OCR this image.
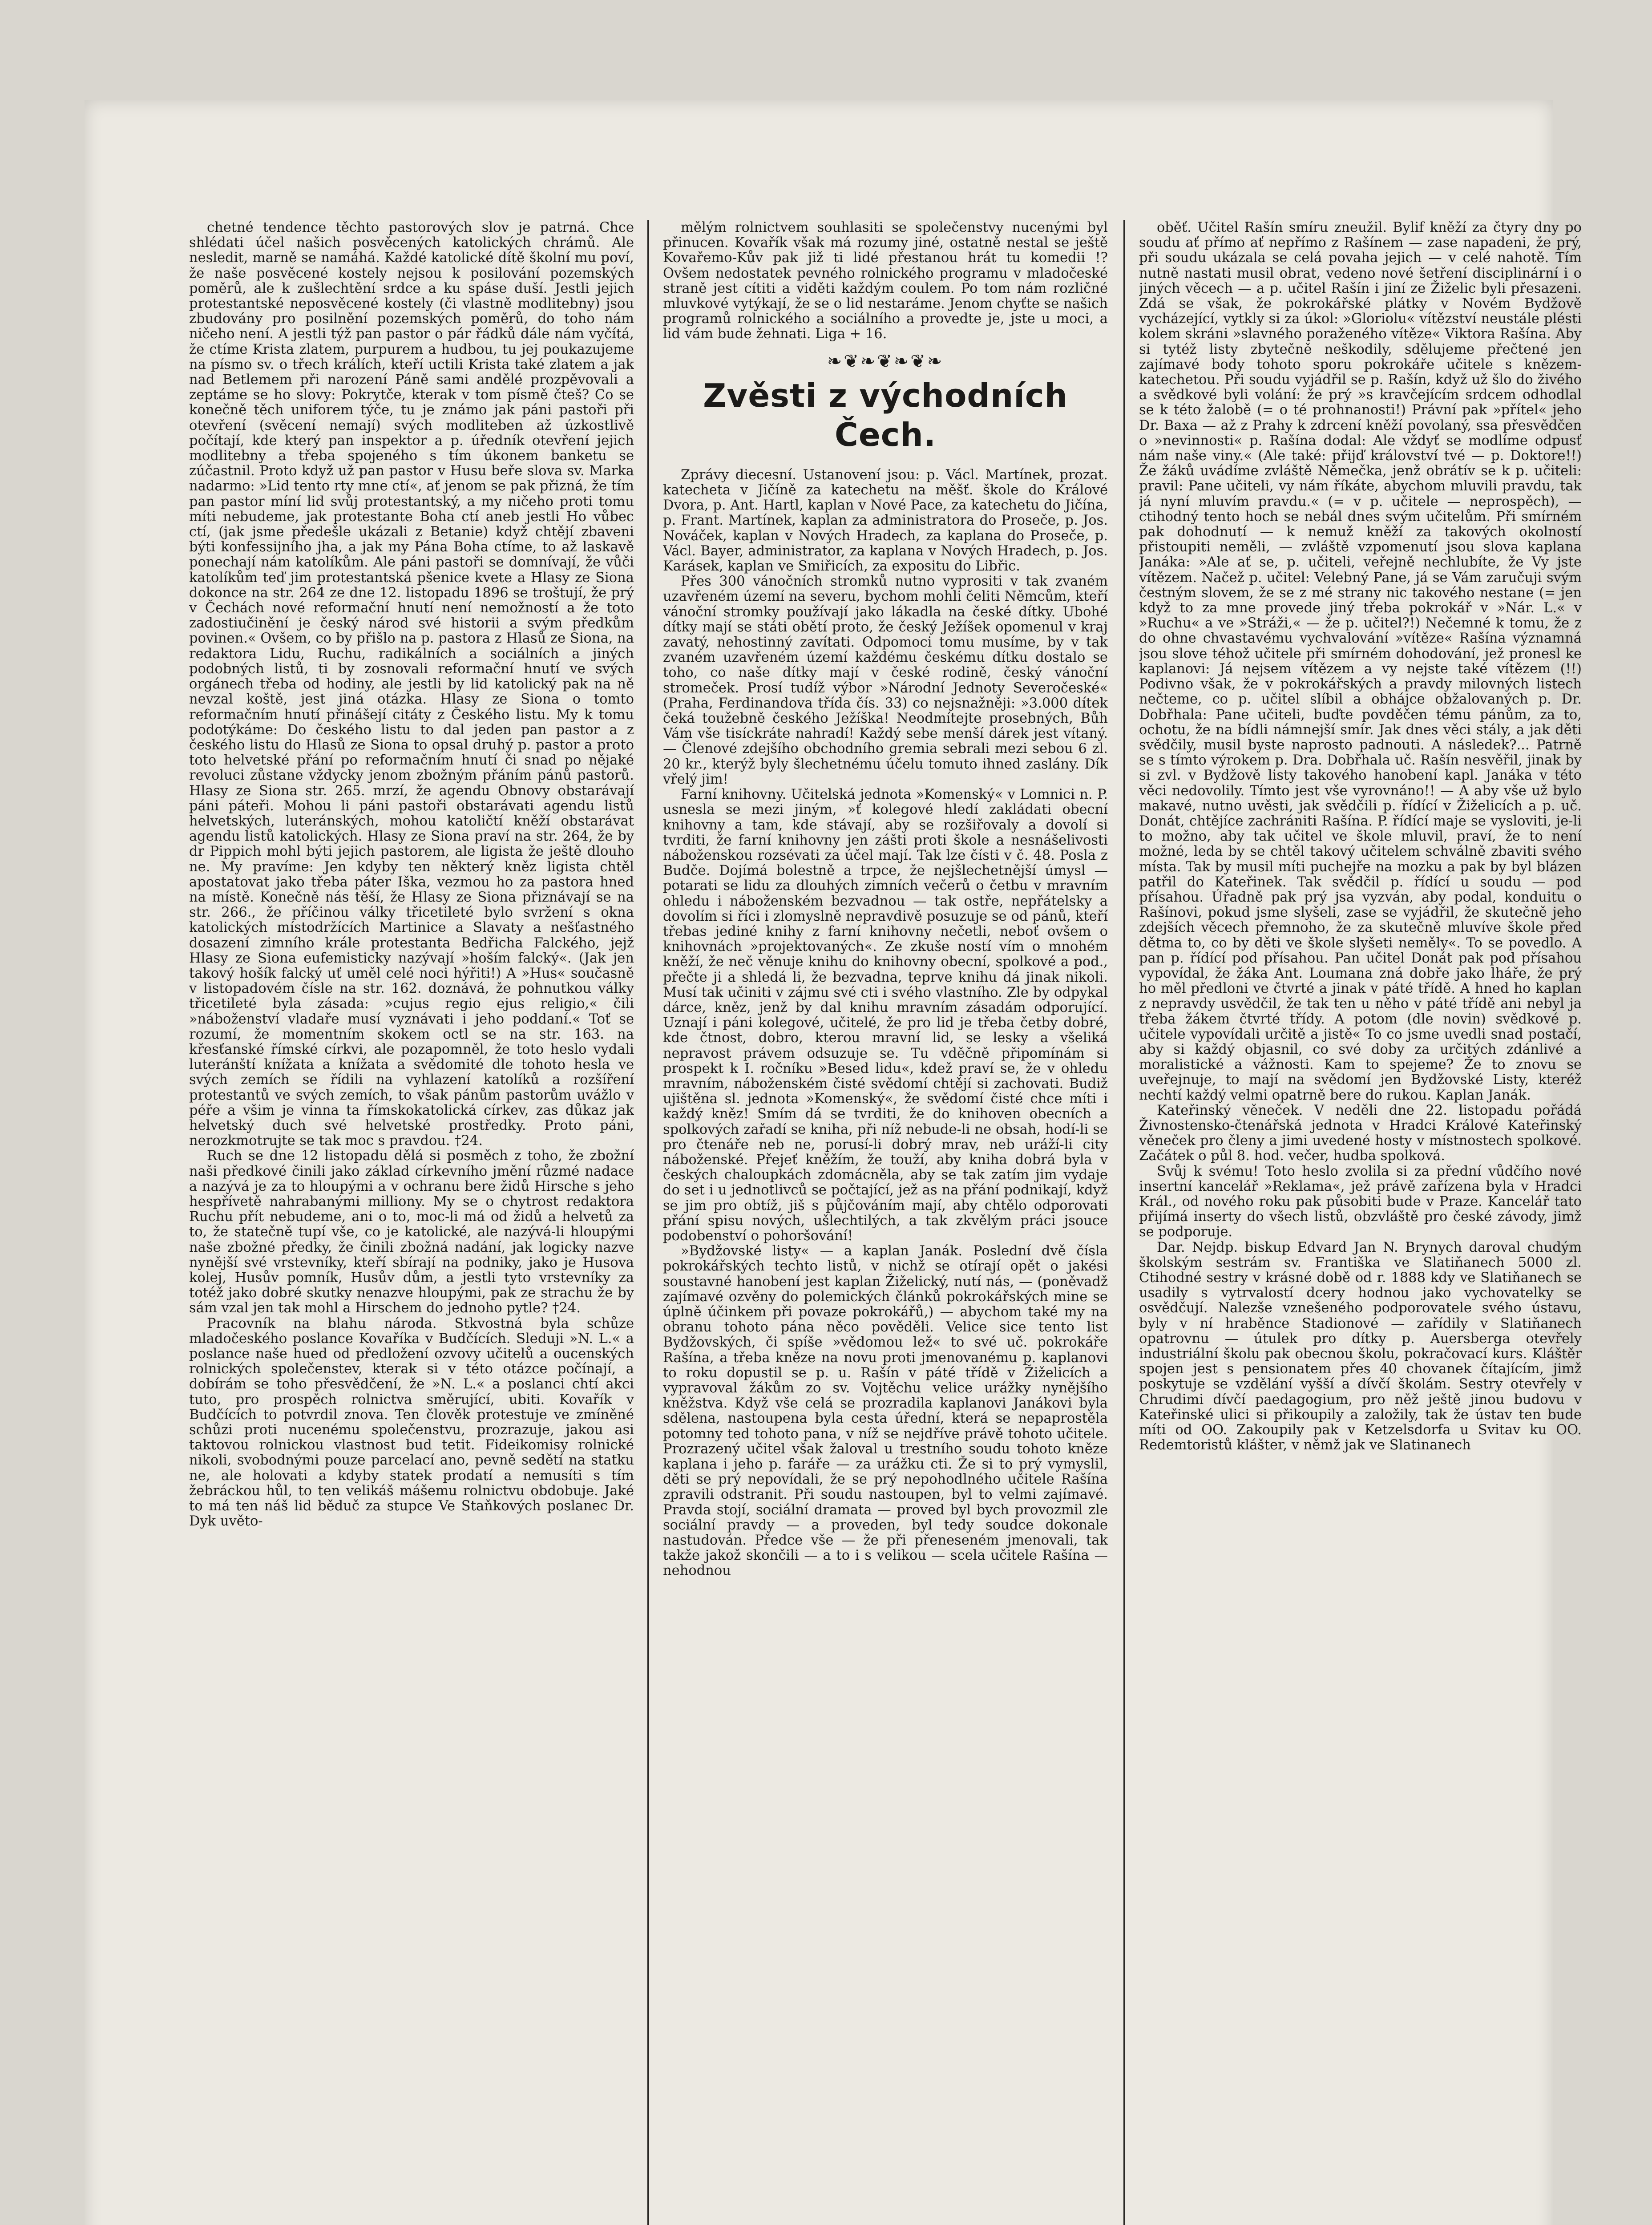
chetné tendence těchto pastorových slov je patrná. Chce shlédati účel našich posvěcených katolických chrámů. Ale nesledit, marně se namáhá. Každé katolické dítě školní mu poví, že naše posvěcené kostely nejsou k posilování pozemských poměrů, ale k zušlechtění srdce a ku spáse duší. Jestli jejich protestantské neposvěcené kostely (či vlastně modlitebny) jsou zbudovány pro posilnění pozemských poměrů, do toho nám ničeho není. A jestli týž pan pastor o pár řádků dále nám vyčítá, že ctíme Krista zlatem, purpurem a hudbou, tu jej poukazujeme na písmo sv. o třech králích, kteří uctili Krista také zlatem a jak nad Betlemem při narození Páně sami andělé prozpěvovali a zeptáme se ho slovy: Pokrytče, kterak v tom písmě čteš? Co se konečně těch uniforem týče, tu je známo jak páni pastoři při otevření (svěcení nemají) svých modliteben až úzkostlivě počítají, kde který pan inspektor a p. úředník otevření jejich modlitebny a třeba spojeného s tím úkonem banketu se zúčastnil. Proto když už pan pastor v Husu beře slova sv. Marka nadarmo: »Lid tento rty mne ctí«, ať jenom se pak přizná, že tím pan pastor míní lid svůj protestantský, a my ničeho proti tomu míti nebudeme, jak protestante Boha ctí aneb jestli Ho vůbec ctí, (jak jsme předešle ukázali z Betanie) když chtějí zbaveni býti konfessijního jha, a jak my Pána Boha ctíme, to až laskavě ponechají nám katolíkům. Ale páni pastoři se domnívají, že vůči katolíkům teď jim protestantská pšenice kvete a Hlasy ze Siona dokonce na str. 264 ze dne 12. listopadu 1896 se troštují, že prý v Čechách nové reformační hnutí není nemožností a že toto zadostiučinění je český národ své historii a svým předkům povinen.« Ovšem, co by přišlo na p. pastora z Hlasů ze Siona, na redaktora Lidu, Ruchu, radikálních a sociálních a jiných podobných listů, ti by zosnovali reformační hnutí ve svých orgánech třeba od hodiny, ale jestli by lid katolický pak na ně nevzal koště, jest jiná otázka. Hlasy ze Siona o tomto reformačním hnutí přinášejí citáty z Českého listu. My k tomu podotýkáme: Do českého listu to dal jeden pan pastor a z českého listu do Hlasů ze Siona to opsal druhý p. pastor a proto toto helvetské přání po reformačním hnutí či snad po nějaké revoluci zůstane vždycky jenom zbožným přáním pánů pastorů. Hlasy ze Siona str. 265. mrzí, že agendu Obnovy obstarávají páni páteři. Mohou li páni pastoři obstarávati agendu listů helvetských, luteránských, mohou katoličtí kněží obstarávat agendu listů katolických. Hlasy ze Siona praví na str. 264, že by dr Pippich mohl býti jejich pastorem, ale ligista že ještě dlouho ne. My pravíme: Jen kdyby ten některý kněz ligista chtěl apostatovat jako třeba páter Iška, vezmou ho za pastora hned na místě. Konečně nás těší, že Hlasy ze Siona přiznávají se na str. 266., že příčinou války třicetileté bylo svržení s okna katolických místodržících Martinice a Slavaty a nešťastného dosazení zimního krále protestanta Bedřicha Falckého, jejž Hlasy ze Siona eufemisticky nazývají »hoším falcký«. (Jak jen takový hošík falcký uť uměl celé noci hýřiti!) A »Hus« současně v listopadovém čísle na str. 162. doznává, že pohnutkou války třicetileté byla zásada: »cujus regio ejus religio,« čili »náboženství vladaře musí vyznávati i jeho poddaní.« Toť se rozumí, že momentním skokem octl se na str. 163. na křesťanské římské církvi, ale pozapomněl, že toto heslo vydali luteránští knížata a knížata a svědomité dle tohoto hesla ve svých zemích se řídili na vyhlazení katolíků a rozšíření protestantů ve svých zemích, to však pánům pastorům uvážlo v péře a všim je vinna ta římskokatolická církev, zas důkaz jak helvetský duch své helvetské prostředky. Proto páni, nerozkmotrujte se tak moc s pravdou. †24.

Ruch se dne 12 listopadu dělá si posměch z toho, že zbožní naši předkové činili jako základ církevního jmění růzmé nadace a nazývá je za to hloupými a v ochranu bere židů Hirsche s jeho hespřívetě nahrabanými milliony. My se o chytrost redaktora Ruchu přít nebudeme, ani o to, moc-li má od židů a helvetů za to, že statečně tupí vše, co je katolické, ale nazývá-li hloupými naše zbožné předky, že činili zbožná nadání, jak logicky nazve nynější své vrstevníky, kteří sbírají na podniky, jako je Husova kolej, Husův pomník, Husův dům, a jestli tyto vrstevníky za totéž jako dobré skutky nenazve hloupými, pak ze strachu že by sám vzal jen tak mohl a Hirschem do jednoho pytle? †24.

Pracovník na blahu národa. Stkvostná byla schůze mladočeského poslance Kovaříka v Budčících. Sleduji »N. L.« a poslance naše hued od předložení ozvovy učitelů a oucenských rolnických společenstev, kterak si v této otázce počínají, a dobírám se toho přesvědčení, že »N. L.« a poslanci chtí akci tuto, pro prospěch rolnictva směrující, ubiti. Kovařík v Budčících to potvrdil znova. Ten člověk protestuje ve zmíněné schůzi proti nucenému společenstvu, prozrazuje, jakou asi taktovou rolnickou vlastnost bud tetit. Fideikomisy rolnické nikoli, svobodnými pouze parcelací ano, pevně sedětí na statku ne, ale holovati a kdyby statek prodatí a nemusíti s tím žebráckou hůl, to ten velikáš mášemu rolnictvu obdobuje. Jaké to má ten náš lid běduč za stupce Ve Staňkových poslanec Dr. Dyk uvěto-

mělým rolnictvem souhlasiti se společenstvy nucenými byl přinucen. Kovařík však má rozumy jiné, ostatně nestal se ještě Kovařemo-Kův pak již ti lidé přestanou hrát tu komedii !? Ovšem nedostatek pevného rolnického programu v mladočeské straně jest cítiti a viděti každým coulem. Po tom nám rozličné mluvkové vytýkají, že se o lid nestaráme. Jenom chyťte se našich programů rolnického a sociálního a provedte je, jste u moci, a lid vám bude žehnati. Liga + 16.

❧❦❧❦❧❦❧
Zvěsti z východních Čech.

Zprávy diecesní. Ustanovení jsou: p. Václ. Martínek, prozat. katecheta v Jičíně za katechetu na měšť. škole do Králové Dvora, p. Ant. Hartl, kaplan v Nové Pace, za katechetu do Jičína, p. Frant. Martínek, kaplan za administratora do Proseče, p. Jos. Nováček, kaplan v Nových Hradech, za kaplana do Proseče, p. Václ. Bayer, administrator, za kaplana v Nových Hradech, p. Jos. Karásek, kaplan ve Smiřicích, za expositu do Libřic.

Přes 300 vánočních stromků nutno vyprositi v tak zvaném uzavřeném území na severu, bychom mohli čeliti Němcům, kteří vánoční stromky používají jako lákadla na české dítky. Ubohé dítky mají se státi obětí proto, že český Ježíšek opomenul v kraj zavatý, nehostinný zavítati. Odpomoci tomu musíme, by v tak zvaném uzavřeném území každému českému dítku dostalo se toho, co naše dítky mají v české rodině, český vánoční stromeček. Prosí tudíž výbor »Národní Jednoty Severočeské« (Praha, Ferdinandova třída čís. 33) co nejsnažněji: »3.000 dítek čeká toužebně českého Ježíška! Neodmítejte prosebných, Bůh Vám vše tisíckráte nahradí! Každý sebe menší dárek jest vítaný. — Členové zdejšího obchodního gremia sebrali mezi sebou 6 zl. 20 kr., kterýž byly šlechetnému účelu tomuto ihned zaslány. Dík vřelý jim!

Farní knihovny. Učitelská jednota »Komenský« v Lomnici n. P. usnesla se mezi jiným, »ť kolegové hledí zakládati obecní knihovny a tam, kde stávají, aby se rozšiřovaly a dovolí si tvrditi, že farní knihovny jen zášti proti škole a nesnášelivosti náboženskou rozsévati za účel mají. Tak lze čísti v č. 48. Posla z Budče. Dojímá bolestně a trpce, že nejšlechetnější úmysl — potarati se lidu za dlouhých zimních večerů o četbu v mravním ohledu i náboženském bezvadnou — tak ostře, nepřátelsky a dovolím si říci i zlomyslně nepravdivě posuzuje se od pánů, kteří třebas jediné knihy z farní knihovny nečetli, neboť ovšem o knihovnách »projektovaných«. Ze zkuše ností vím o mnohém kněží, že neč věnuje knihu do knihovny obecní, spolkové a pod., přečte ji a shledá li, že bezvadna, teprve knihu dá jinak nikoli. Musí tak učiniti v zájmu své cti i svého vlastního. Zle by odpykal dárce, kněz, jenž by dal knihu mravním zásadám odporující. Uznají i páni kolegové, učitelé, že pro lid je třeba četby dobré, kde čtnost, dobro, kterou mravní lid, se lesky a všeliká nepravost právem odsuzuje se. Tu vděčně připomínám si prospekt k I. ročníku »Besed lidu«, kdež praví se, že v ohledu mravním, náboženském čisté svědomí chtějí si zachovati. Budiž ujištěna sl. jednota »Komenský«, že svědomí čisté chce míti i každý kněz! Smím dá se tvrditi, že do knihoven obecních a spolkových zařadí se kniha, při níž nebude-li ne obsah, hodí-li se pro čtenáře neb ne, porusí-li dobrý mrav, neb uráží-li city náboženské. Přejeť kněžím, že touží, aby kniha dobrá byla v českých chaloupkách zdomácněla, aby se tak zatím jim vydaje do set i u jednotlivců se počtající, jež as na přání podnikají, když se jim pro obtíž, jiš s půjčováním mají, aby chtělo odporovati přání spisu nových, ušlechtilých, a tak zkvělým práci jsouce podobenství o pohoršování!

»Bydžovské listy« — a kaplan Janák. Poslední dvě čísla pokrokářských techto listů, v nichž se otírají opět o jakési soustavné hanobení jest kaplan Žiželický, nutí nás, — (poněvadž zajímavé ozvěny do polemických článků pokrokářských mine se úplně účinkem při povaze pokrokářů,) — abychom také my na obranu tohoto pána něco pověděli. Velice sice tento list Bydžovských, či spíše »vědomou lež« to své uč. pokrokáře Rašína, a třeba kněze na novu proti jmenovanému p. kaplanovi to roku dopustil se p. u. Rašín v páté třídě v Žiželicích a vypravoval žákům zo sv. Vojtěchu velice urážky nynějšího kněžstva. Když vše celá se prozradila kaplanovi Janákovi byla sdělena, nastoupena byla cesta úřední, která se nepaprostěla potomny ted tohoto pana, v níž se nejdříve právě tohoto učitele. Prozrazený učitel však žaloval u trestního soudu tohoto kněze kaplana i jeho p. faráře — za urážku cti. Že si to prý vymyslil, děti se prý nepovídali, že se prý nepohodlného učitele Rašína zpravili odstranit. Při soudu nastoupen, byl to velmi zajímavé. Pravda stojí, sociální dramata — proved byl bych provozmil zle sociální pravdy — a proveden, byl tedy soudce dokonale nastudován. Předce vše — že při přeneseném jmenovali, tak takže jakož skončili — a to i s velikou — scela učitele Rašína — nehodnou

oběť. Učitel Rašín smíru zneužil. Bylif kněží za čtyry dny po soudu ať přímo ať nepřímo z Rašínem — zase napadeni, že prý, při soudu ukázala se celá povaha jejich — v celé nahotě. Tím nutně nastati musil obrat, vedeno nové šetření disciplinární i o jiných věcech — a p. učitel Rašín i jiní ze Žiželic byli přesazeni. Zdá se však, že pokrokářské plátky v Novém Bydžově vycházející, vytkly si za úkol: »Gloriolu« vítězství neustále plésti kolem skráni »slavného poraženého vítěze« Viktora Rašína. Aby si tytéž listy zbytečně neškodily, sdělujeme přečtené jen zajímavé body tohoto sporu pokrokáře učitele s knězem-katechetou. Při soudu vyjádřil se p. Rašín, když už šlo do živého a svědkové byli volání: že prý »s kravčejícím srdcem odhodlal se k této žalobě (= o té prohnanosti!) Právní pak »přítel« jeho Dr. Baxa — až z Prahy k zdrcení kněží povolaný, ssa přesvědčen o »nevinnosti« p. Rašína dodal: Ale vždyť se modlíme odpusť nám naše viny.« (Ale také: přijď království tvé — p. Doktore!!) Že žáků uvádíme zvláště Němečka, jenž obrátív se k p. učiteli: pravil: Pane učiteli, vy nám říkáte, abychom mluvili pravdu, tak já nyní mluvím pravdu.« (= v p. učitele — neprospěch), — ctihodný tento hoch se nebál dnes svým učitelům. Při smírném pak dohodnutí — k nemuž kněží za takových okolností přistoupiti neměli, — zvláště vzpomenutí jsou slova kaplana Janáka: »Ale ať se, p. učiteli, veřejně nechlubíte, že Vy jste vítězem. Načež p. učitel: Velebný Pane, já se Vám zaručuji svým čestným slovem, že se z mé strany nic takového nestane (= jen když to za mne provede jiný třeba pokrokář v »Nár. L.« v »Ruchu« a ve »Stráži,« — že p. učitel?!) Nečemné k tomu, že z do ohne chvastavému vychvalování »vítěze« Rašína významná jsou slove téhož učitele při smírném dohodování, jež pronesl ke kaplanovi: Já nejsem vítězem a vy nejste také vítězem (!!) Podivno však, že v pokrokářských a pravdy milovných listech nečteme, co p. učitel slíbil a obhájce obžalovaných p. Dr. Dobřhala: Pane učiteli, buďte povděčen tému pánům, za to, ochotu, že na bídli námnejší smír. Jak dnes věci stály, a jak děti svědčily, musil byste naprosto padnouti. A následek?... Patrně se s tímto výrokem p. Dra. Dobřhala uč. Rašín nesvěřil, jinak by si zvl. v Bydžově listy takového hanobení kapl. Janáka v této věci nedovolily. Tímto jest vše vyrovnáno!! — A aby vše už bylo makavé, nutno uvěsti, jak svědčili p. řídící v Žiželicích a p. uč. Donát, chtějíce zachrániti Rašína. P. řídící maje se vysloviti, je-li to možno, aby tak učitel ve škole mluvil, praví, že to není možné, leda by se chtěl takový učitelem schválně zbaviti svého místa. Tak by musil míti puchejře na mozku a pak by byl blázen patřil do Kateřinek. Tak svědčil p. řídící u soudu — pod přísahou. Úřadně pak prý jsa vyzván, aby podal, konduitu o Rašínovi, pokud jsme slyšeli, zase se vyjádřil, že skutečně jeho zdejších věcech přemnoho, že za skutečně mluvíve škole před dětma to, co by děti ve škole slyšeti neměly«. To se povedlo. A pan p. řídící pod přísahou. Pan učitel Donát pak pod přísahou vypovídal, že žáka Ant. Loumana zná dobře jako lháře, že prý ho měl předloni ve čtvrté a jinak v páté třídě. A hned ho kaplan z nepravdy usvědčil, že tak ten u něho v páté třídě ani nebyl ja třeba žákem čtvrté třídy. A potom (dle novin) svědkové p. učitele vypovídali určitě a jistě« To co jsme uvedli snad postačí, aby si každý objasnil, co své doby za určitých zdánlivé a moralistické a vážnosti. Kam to spejeme? Že to znovu se uveřejnuje, to mají na svědomí jen Bydžovské Listy, kteréž nechtí každý velmi opatrně bere do rukou. Kaplan Janák.

Kateřinský věneček. V neděli dne 22. listopadu pořádá Živnostensko-čtenářská jednota v Hradci Králové Kateřinský věneček pro členy a jimi uvedené hosty v místnostech spolkové. Začátek o půl 8. hod. večer, hudba spolková.

Svůj k svému! Toto heslo zvolila si za přední vůdčího nové insertní kancelář »Reklama«, jež právě zařízena byla v Hradci Král., od nového roku pak působiti bude v Praze. Kancelář tato přijímá inserty do všech listů, obzvláště pro české závody, jimž se podporuje.

Dar. Nejdp. biskup Edvard Jan N. Brynych daroval chudým školským sestrám sv. Františka ve Slatiňanech 5000 zl. Ctihodné sestry v krásné době od r. 1888 kdy ve Slatiňanech se usadily s vytrvalostí dcery hodnou jako vychovatelky se osvědčují. Nalezše vznešeného podporovatele svého ústavu, byly v ní hraběnce Stadionové — zařídily v Slatiňanech opatrovnu — útulek pro dítky p. Auersberga otevřely industriální školu pak obecnou školu, pokračovací kurs. Kláštěr spojen jest s pensionatem přes 40 chovanek čítajícím, jimž poskytuje se vzdělání vyšší a dívčí školám. Sestry otevřely v Chrudimi dívčí paedagogium, pro něž ještě jinou budovu v Kateřinské ulici si přikoupily a založily, tak že ústav ten bude míti od OO. Zakoupily pak v Ketzelsdorfa u Svitav ku OO. Redemtoristů klášter, v němž jak ve Slatinanech
